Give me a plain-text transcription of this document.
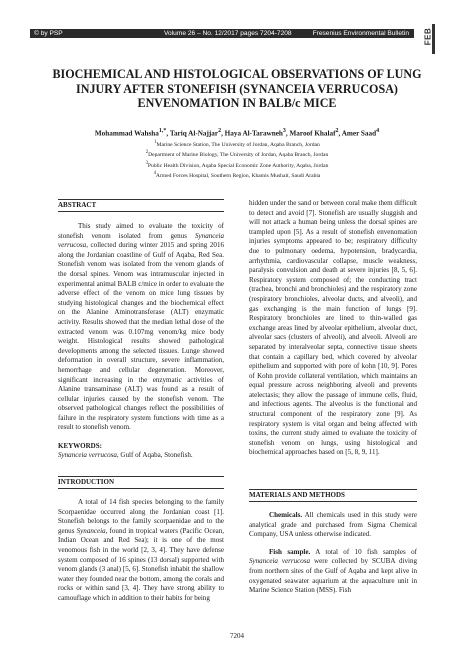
© by PSP	Volume 26 – No. 12/2017 pages 7204-7208	Fresenius Environmental Bulletin FEB
BIOCHEMICAL AND HISTOLOGICAL OBSERVATIONS OF LUNG INJURY AFTER STONEFISH (SYNANCEIA VERRUCOSA) ENVENOMATION IN BALB/c MICE
Mohammad Wahsha$^{1,*}$, Tariq Al-Najjar$^2$, Haya Al-Tarawneh$^3$, Maroof Khalaf$^2$, Amer Saad$^4$
$^1$Marine Science Station, The University of Jordan, Aqaba Branch, Jordan
$^2$Department of Marine Biology, The University of Jordan, Aqaba Branch, Jordan
$^3$Public Health Division, Aqaba Special Economic Zone Authority, Aqaba, Jordan
$^4$Armed Forces Hospital, Southern Region, Khamis Mushait, Saudi Arabia
ABSTRACT

This study aimed to evaluate the toxicity of stonefish venom isolated from genus Synanceia verrucosa, collected during winter 2015 and spring 2016 along the Jordanian coastline of Gulf of Aqaba, Red Sea. Stonefish venom was isolated from the venom glands of the dorsal spines. Venom was intramuscular injected in experimental animal BALB c/mice in order to evaluate the adverse effect of the venom on mice lung tissues by studying histological changes and the biochemical effect on the Alanine Aminotransferase (ALT) enzymatic activity. Results showed that the median lethal dose of the extracted venom was 0.107mg venom/kg mice body weight. Histological results showed pathological developments among the selected tissues. Lunge showed deformation in overall structure, severe inflammation, hemorrhage and cellular degeneration. Moreover, significant increasing in the enzymatic activities of Alanine transaminase (ALT) was found as a result of cellular injuries caused by the stonefish venom. The observed pathological changes reflect the possibilities of failure in the respiratory system functions with time as a result to stonefish venom.

KEYWORDS:
Synanceia verrucosa, Gulf of Aqaba, Stonefish.
INTRODUCTION

A total of 14 fish species belonging to the family Scorpaenidae occurred along the Jordanian coast [1]. Stonefish belongs to the family scorpaenidae and to the genus Synanceia, found in tropical waters (Pacific Ocean, Indian Ocean and Red Sea); it is one of the most venomous fish in the world [2, 3, 4]. They have defense system composed of 16 spines (13 dorsal) supported with venom glands (3 anal) [5, 6]. Stonefish inhabit the shallow water they founded near the bottom, among the corals and rocks or within sand [3, 4]. They have strong ability to camouflage which in addition to their habits for being

hidden under the sand or between coral make them difficult to detect and avoid [7]. Stonefish are usually sluggish and will not attack a human being unless the dorsal spines are trampled upon [5]. As a result of stonefish envenomation injuries symptoms appeared to be; respiratory difficulty due to pulmonary oedema, hypotension, bradycardia, arrhythmia, cardiovascular collapse, muscle weakness, paralysis convulsion and death at severe injuries [8, 5, 6]. Respiratory system composed of; the conducting tract (trachea, bronchi and bronchioles) and the respiratory zone (respiratory bronchioles, alveolar ducts, and alveoli), and gas exchanging is the main function of lungs [9]. Respiratory bronchioles are lined to thin-walled gas exchange areas lined by alveolar epithelium, alveolar duct, alveolar sacs (clusters of alveoli), and alveoli. Alveoli are separated by interalveolar septa, connective tissue sheets that contain a capillary bed, which covered by alveolar epithelium and supported with pore of kohn [10, 9]. Pores of Kohn provide collateral ventilation, which maintains an equal pressure across neighboring alveoli and prevents atelectasis; they allow the passage of immune cells, fluid, and infectious agents. The alveolus is the functional and structural component of the respiratory zone [9]. As respiratory system is vital organ and being affected with toxins, the current study aimed to evaluate the toxicity of stonefish venom on lungs, using histological and biochemical approaches based on [5, 8, 9, 11].

MATERIALS AND METHODS

Chemicals. All chemicals used in this study were analytical grade and purchased from Sigma Chemical Company, USA unless otherwise indicated.

Fish sample. A total of 10 fish samples of Synanceia verrucosa were collected by SCUBA diving from northern sites of the Gulf of Aqaba and kept alive in oxygenated seawater aquarium at the aquaculture unit in Marine Science Station (MSS). Fish

7204
